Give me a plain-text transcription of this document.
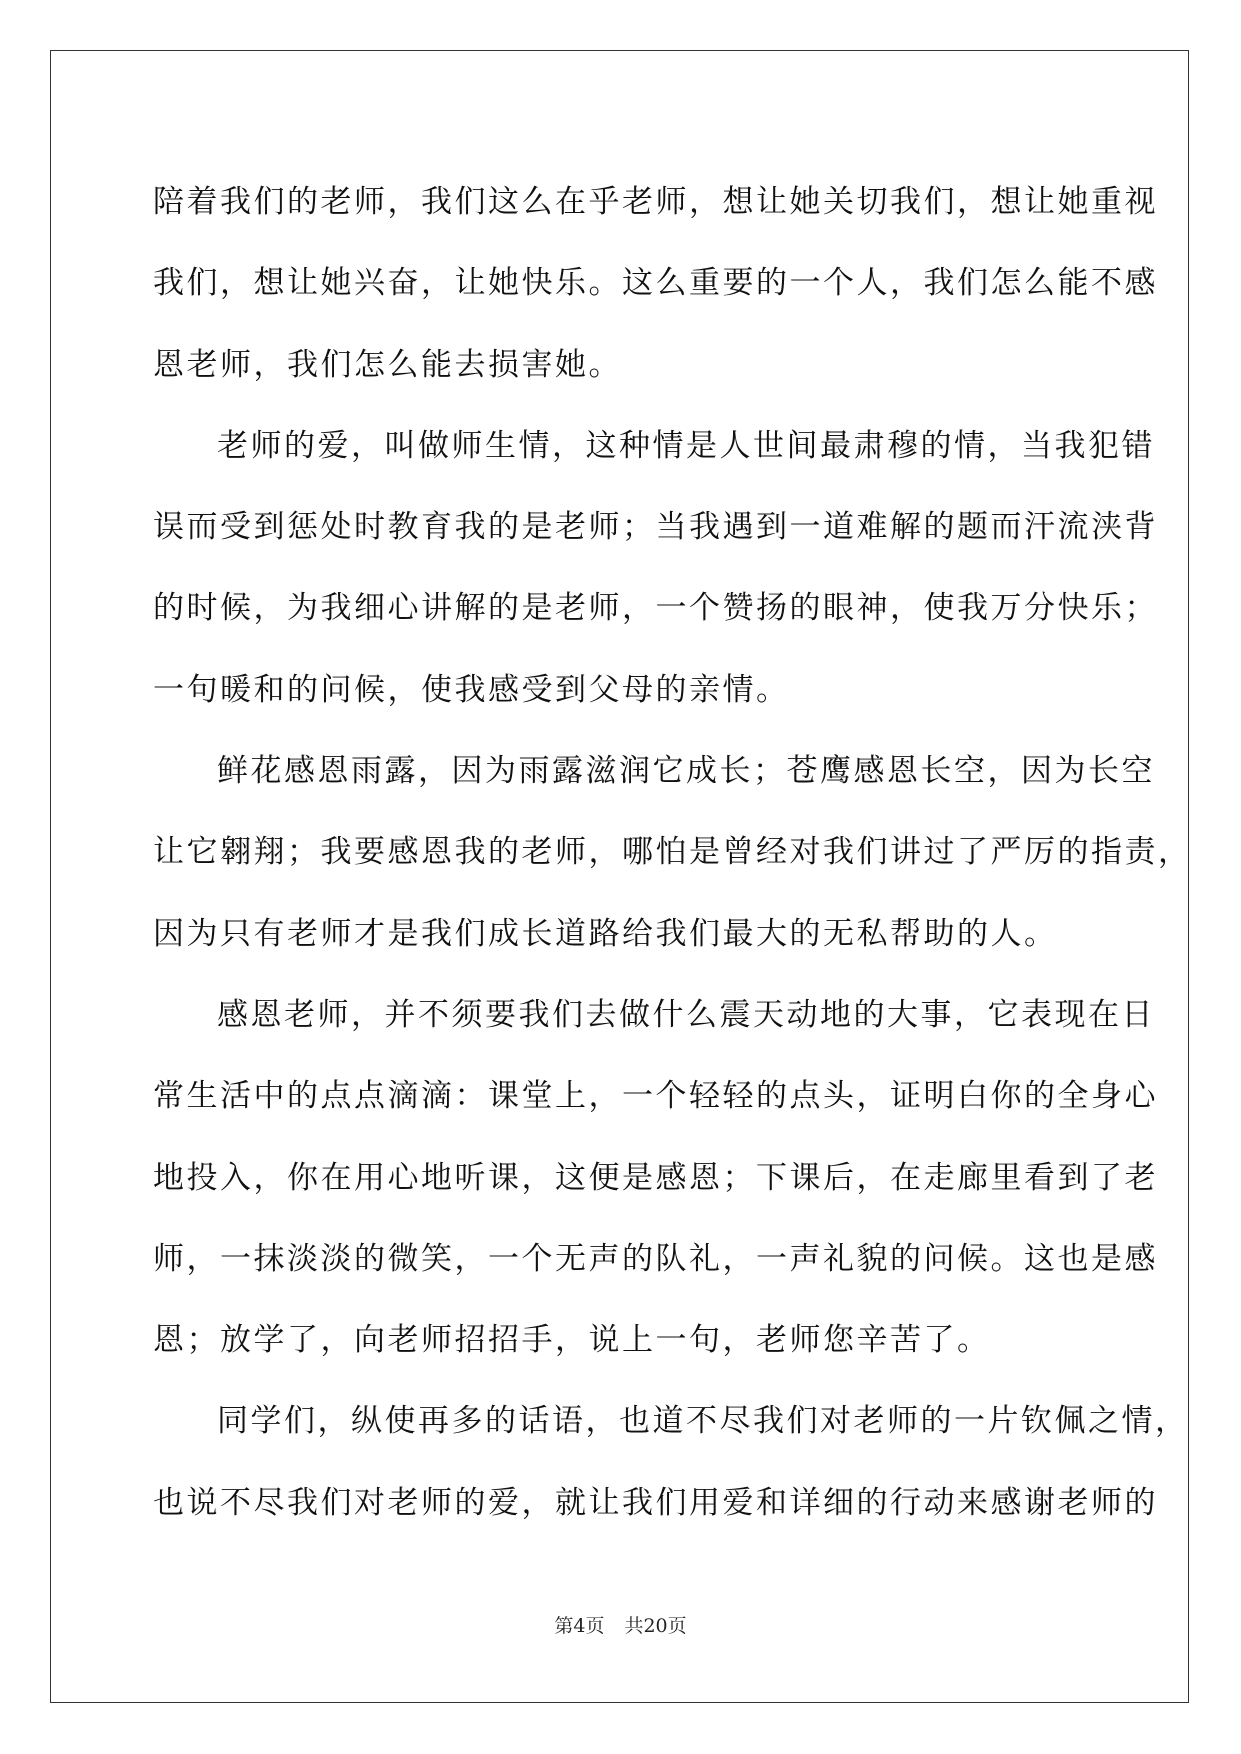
陪着我们的老师，我们这么在乎老师，想让她关切我们，想让她重视
我们，想让她兴奋，让她快乐。这么重要的一个人，我们怎么能不感
恩老师，我们怎么能去损害她。
老师的爱，叫做师生情，这种情是人世间最肃穆的情，当我犯错
误而受到惩处时教育我的是老师；当我遇到一道难解的题而汗流浃背
的时候，为我细心讲解的是老师，一个赞扬的眼神，使我万分快乐；
一句暖和的问候，使我感受到父母的亲情。
鲜花感恩雨露，因为雨露滋润它成长；苍鹰感恩长空，因为长空
让它翱翔；我要感恩我的老师，哪怕是曾经对我们讲过了严厉的指责，
因为只有老师才是我们成长道路给我们最大的无私帮助的人。
感恩老师，并不须要我们去做什么震天动地的大事，它表现在日
常生活中的点点滴滴：课堂上，一个轻轻的点头，证明白你的全身心
地投入，你在用心地听课，这便是感恩；下课后，在走廊里看到了老
师，一抹淡淡的微笑，一个无声的队礼，一声礼貌的问候。这也是感
恩；放学了，向老师招招手，说上一句，老师您辛苦了。
同学们，纵使再多的话语，也道不尽我们对老师的一片钦佩之情，
也说不尽我们对老师的爱，就让我们用爱和详细的行动来感谢老师的
第4页 共20页
